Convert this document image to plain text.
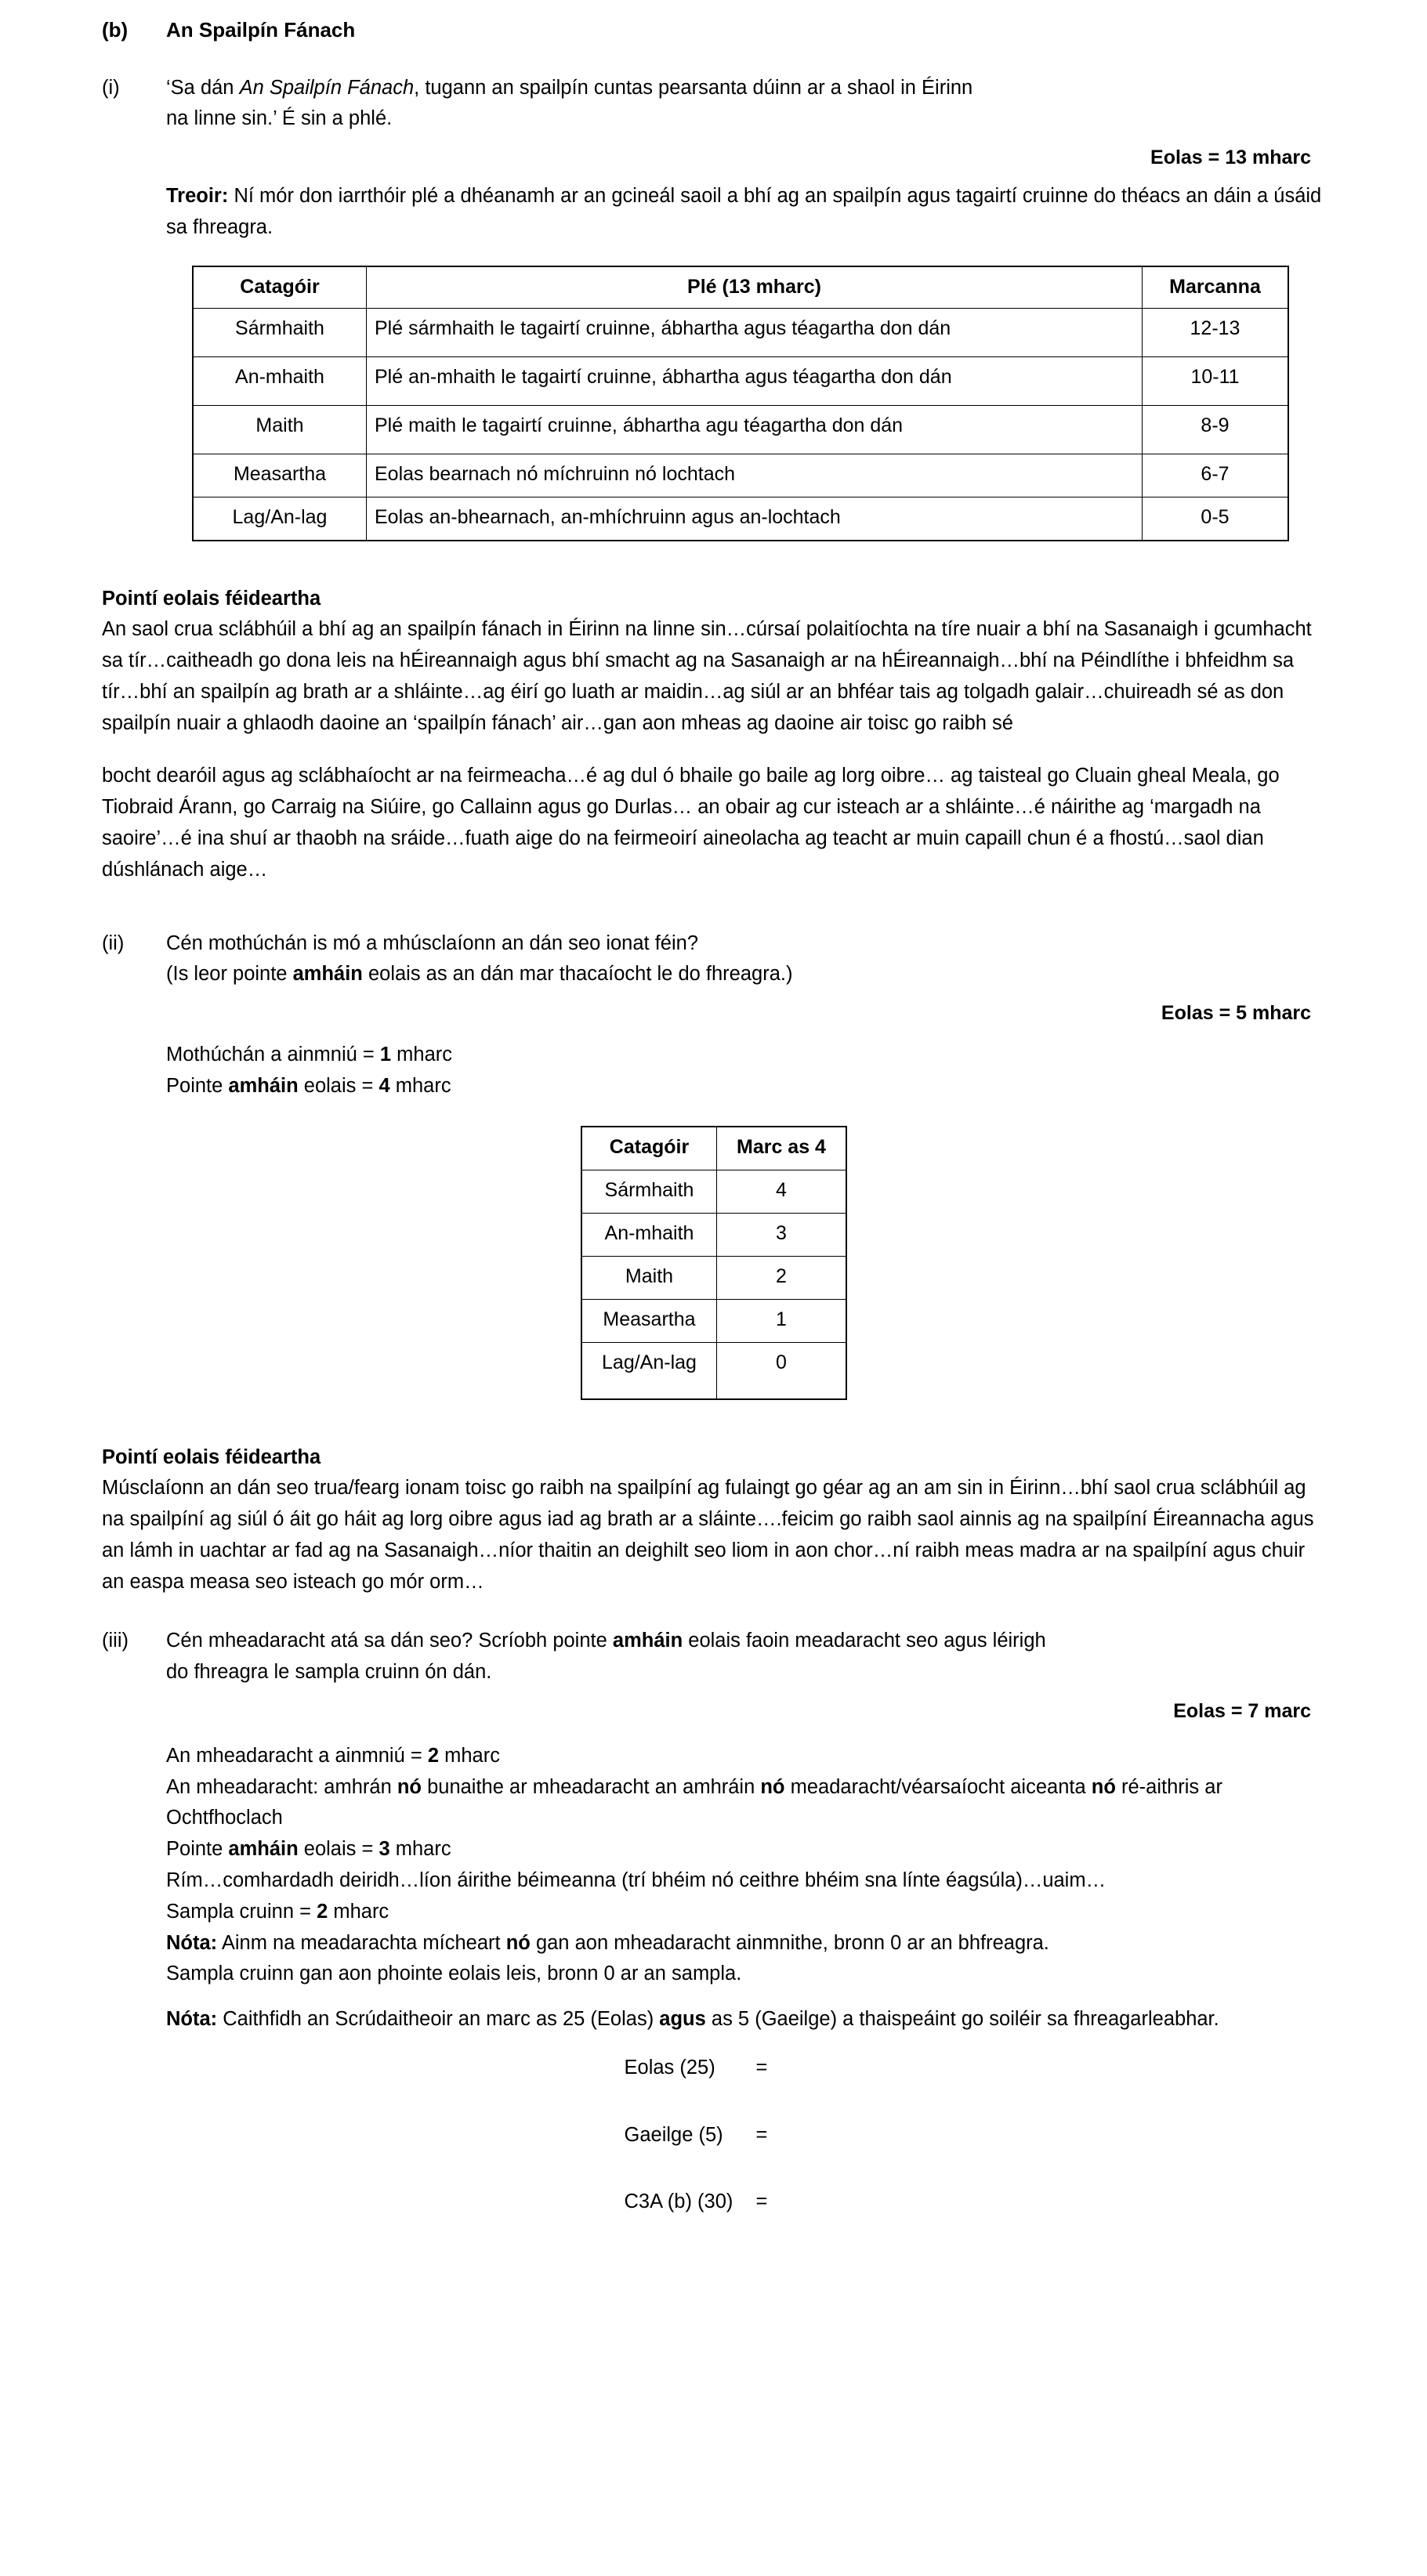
(b)	An Spailpín Fánach
(i)	‘Sa dán An Spailpín Fánach, tugann an spailpín cuntas pearsanta dúinn ar a shaol in Éirinn
na linne sin.’ É sin a phlé.
Eolas = 13 mharc
Treoir: Ní mór don iarrthóir plé a dhéanamh ar an gcineál saoil a bhí ag an spailpín agus tagairtí cruinne do théacs an dáin a úsáid sa fhreagra.
Catagóir	Plé (13 mharc)	Marcanna
Sármhaith	Plé sármhaith le tagairtí cruinne, ábhartha agus téagartha don dán	12-13
An-mhaith	Plé an-mhaith le tagairtí cruinne, ábhartha agus téagartha don dán	10-11
Maith	Plé maith le tagairtí cruinne, ábhartha agu téagartha don dán	8-9
Measartha	Eolas bearnach nó míchruinn nó lochtach	6-7
Lag/An-lag	Eolas an-bhearnach, an-mhíchruinn agus an-lochtach	0-5
Pointí eolais féideartha
An saol crua sclábhúil a bhí ag an spailpín fánach in Éirinn na linne sin…cúrsaí polaitíochta na tíre nuair a bhí na Sasanaigh i gcumhacht sa tír…caitheadh go dona leis na hÉireannaigh agus bhí smacht ag na Sasanaigh ar na hÉireannaigh…bhí na Péindlíthe i bhfeidhm sa tír…bhí an spailpín ag brath ar a shláinte…ag éirí go luath ar maidin…ag siúl ar an bhféar tais ag tolgadh galair…chuireadh sé as don spailpín nuair a ghlaodh daoine an ‘spailpín fánach’ air…gan aon mheas ag daoine air toisc go raibh sé
bocht dearóil agus ag sclábhaíocht ar na feirmeacha…é ag dul ó bhaile go baile ag lorg oibre… ag taisteal go Cluain gheal Meala, go Tiobraid Árann, go Carraig na Siúire, go Callainn agus go Durlas… an obair ag cur isteach ar a shláinte…é náirithe ag ‘margadh na saoire’…é ina shuí ar thaobh na sráide…fuath aige do na feirmeoirí aineolacha ag teacht ar muin capaill chun é a fhostú…saol dian dúshlánach aige…
(ii)	Cén mothúchán is mó a mhúsclaíonn an dán seo ionat féin?
(Is leor pointe amháin eolais as an dán mar thacaíocht le do fhreagra.)
Eolas = 5 mharc
Mothúchán a ainmniú = 1 mharc
Pointe amháin eolais = 4 mharc
Catagóir	Marc as 4
Sármhaith	4
An-mhaith	3
Maith	2
Measartha	1
Lag/An-lag	0
Pointí eolais féideartha
Músclaíonn an dán seo trua/fearg ionam toisc go raibh na spailpíní ag fulaingt go géar ag an am sin in Éirinn…bhí saol crua sclábhúil ag na spailpíní ag siúl ó áit go háit ag lorg oibre agus iad ag brath ar a sláinte….feicim go raibh saol ainnis ag na spailpíní Éireannacha agus an lámh in uachtar ar fad ag na Sasanaigh…níor thaitin an deighilt seo liom in aon chor…ní raibh meas madra ar na spailpíní agus chuir an easpa measa seo isteach go mór orm…
(iii)	Cén mheadaracht atá sa dán seo? Scríobh pointe amháin eolais faoin meadaracht seo agus léirigh
do fhreagra le sampla cruinn ón dán.
Eolas = 7 marc
An mheadaracht a ainmniú = 2 mharc
An mheadaracht: amhrán nó bunaithe ar mheadaracht an amhráin nó meadaracht/véarsaíocht aiceanta nó ré-aithris ar Ochtfhoclach
Pointe amháin eolais = 3 mharc
Rím…comhardadh deiridh…líon áirithe béimeanna (trí bhéim nó ceithre bhéim sna línte éagsúla)…uaim…
Sampla cruinn = 2 mharc
Nóta: Ainm na meadarachta mícheart nó gan aon mheadaracht ainmnithe, bronn 0 ar an bhfreagra.
Sampla cruinn gan aon phointe eolais leis, bronn 0 ar an sampla.
Nóta: Caithfidh an Scrúdaitheoir an marc as 25 (Eolas) agus as 5 (Gaeilge) a thaispeáint go soiléir sa fhreagarleabhar.
Eolas (25)	=
Gaeilge (5)	=
C3A (b) (30)	=
